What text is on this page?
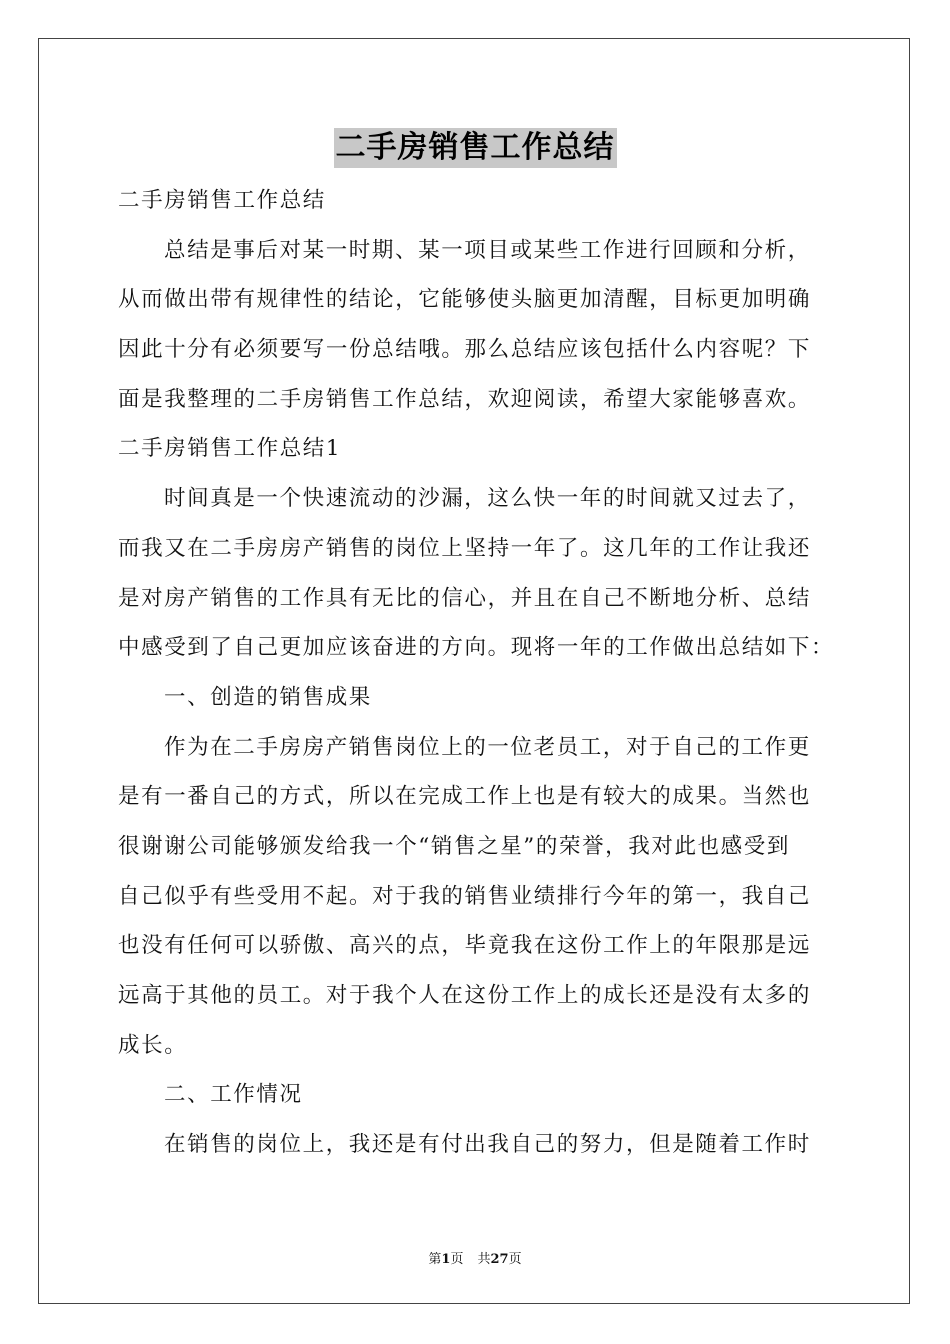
二手房销售工作总结
二手房销售工作总结
总结是事后对某一时期、某一项目或某些工作进行回顾和分析，
从而做出带有规律性的结论，它能够使头脑更加清醒，目标更加明确
因此十分有必须要写一份总结哦。那么总结应该包括什么内容呢？下
面是我整理的二手房销售工作总结，欢迎阅读，希望大家能够喜欢。
二手房销售工作总结1
时间真是一个快速流动的沙漏，这么快一年的时间就又过去了，
而我又在二手房房产销售的岗位上坚持一年了。这几年的工作让我还
是对房产销售的工作具有无比的信心，并且在自己不断地分析、总结
中感受到了自己更加应该奋进的方向。现将一年的工作做出总结如下：
一、创造的销售成果
作为在二手房房产销售岗位上的一位老员工，对于自己的工作更
是有一番自己的方式，所以在完成工作上也是有较大的成果。当然也
很谢谢公司能够颁发给我一个“销售之星”的荣誉，我对此也感受到
自己似乎有些受用不起。对于我的销售业绩排行今年的第一，我自己
也没有任何可以骄傲、高兴的点，毕竟我在这份工作上的年限那是远
远高于其他的员工。对于我个人在这份工作上的成长还是没有太多的
成长。
二、工作情况
在销售的岗位上，我还是有付出我自己的努力，但是随着工作时
第1页 共27页
